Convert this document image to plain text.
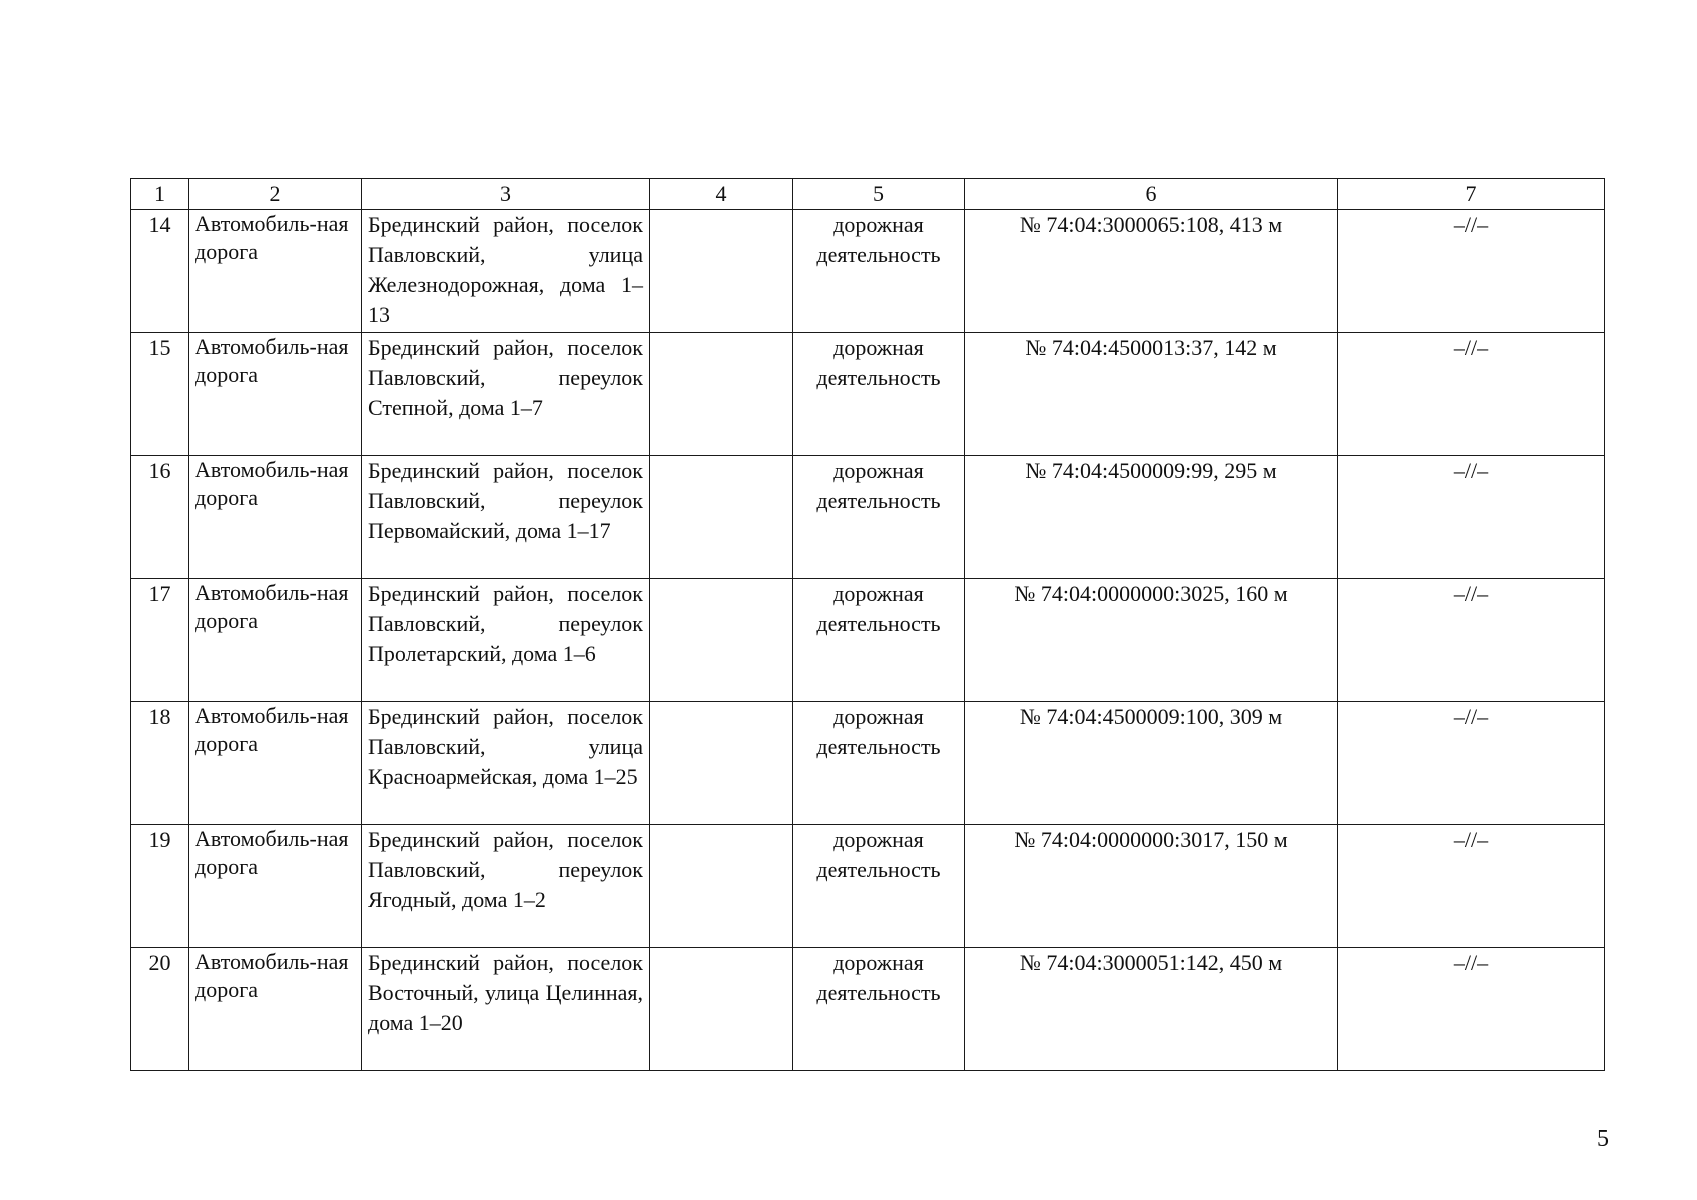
1	2	3	4	5	6	7
14	Автомобиль-ная дорога	Брединский район, поселок Павловский, улица Железнодорожная, дома 1–13		дорожная деятельность	№ 74:04:3000065:108, 413 м	–//–
15	Автомобиль-ная дорога	Брединский район, поселок Павловский, переулок Степной, дома 1–7		дорожная деятельность	№ 74:04:4500013:37, 142 м	–//–
16	Автомобиль-ная дорога	Брединский район, поселок Павловский, переулок Первомайский, дома 1–17		дорожная деятельность	№ 74:04:4500009:99, 295 м	–//–
17	Автомобиль-ная дорога	Брединский район, поселок Павловский, переулок Пролетарский, дома 1–6		дорожная деятельность	№ 74:04:0000000:3025, 160 м	–//–
18	Автомобиль-ная дорога	Брединский район, поселок Павловский, улица Красноармейская, дома 1–25		дорожная деятельность	№ 74:04:4500009:100, 309 м	–//–
19	Автомобиль-ная дорога	Брединский район, поселок Павловский, переулок Ягодный, дома 1–2		дорожная деятельность	№ 74:04:0000000:3017, 150 м	–//–
20	Автомобиль-ная дорога	Брединский район, поселок Восточный, улица Целинная, дома 1–20		дорожная деятельность	№ 74:04:3000051:142, 450 м	–//–
5
